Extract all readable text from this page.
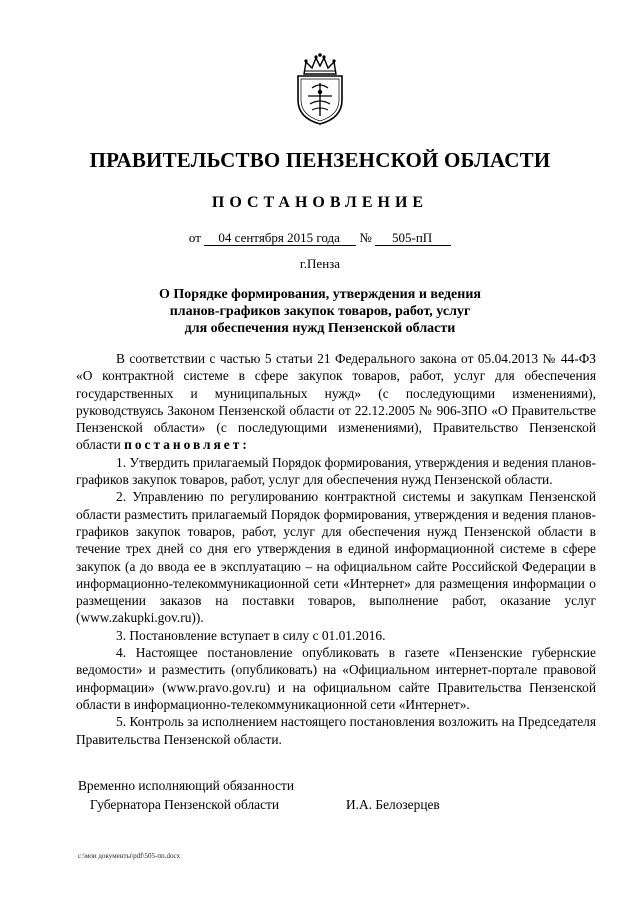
ПРАВИТЕЛЬСТВО ПЕНЗЕНСКОЙ ОБЛАСТИ
ПОСТАНОВЛЕНИЕ
от 04 сентября 2015 года № 505-пП
г.Пенза
О Порядке формирования, утверждения и ведения
планов-графиков закупок товаров, работ, услуг
для обеспечения нужд Пензенской области

В соответствии с частью 5 статьи 21 Федерального закона от 05.04.2013 № 44-ФЗ «О контрактной системе в сфере закупок товаров, работ, услуг для обеспечения государственных и муниципальных нужд» (с последующими изменениями), руководствуясь Законом Пензенской области от 22.12.2005 № 906-ЗПО «О Правительстве Пензенской области» (с последующими изменениями), Правительство Пензенской области постановляет:

1. Утвердить прилагаемый Порядок формирования, утверждения и ведения планов-графиков закупок товаров, работ, услуг для обеспечения нужд Пензенской области.

2. Управлению по регулированию контрактной системы и закупкам Пензенской области разместить прилагаемый Порядок формирования, утверждения и ведения планов-графиков закупок товаров, работ, услуг для обеспечения нужд Пензенской области в течение трех дней со дня его утверждения в единой информационной системе в сфере закупок (а до ввода ее в эксплуатацию – на официальном сайте Российской Федерации в информационно-телекоммуникационной сети «Интернет» для размещения информации о размещении заказов на поставки товаров, выполнение работ, оказание услуг (www.zakupki.gov.ru)).

3. Постановление вступает в силу с 01.01.2016.

4. Настоящее постановление опубликовать в газете «Пензенские губернские ведомости» и разместить (опубликовать) на «Официальном интернет-портале правовой информации» (www.pravo.gov.ru) и на официальном сайте Правительства Пензенской области в информационно-телекоммуникационной сети «Интернет».

5. Контроль за исполнением настоящего постановления возложить на Председателя Правительства Пензенской области.

Временно исполняющий обязанности
Губернатора Пензенской области	И.А. Белозерцев
c:\мои документы\pdf\505-пп.docx
